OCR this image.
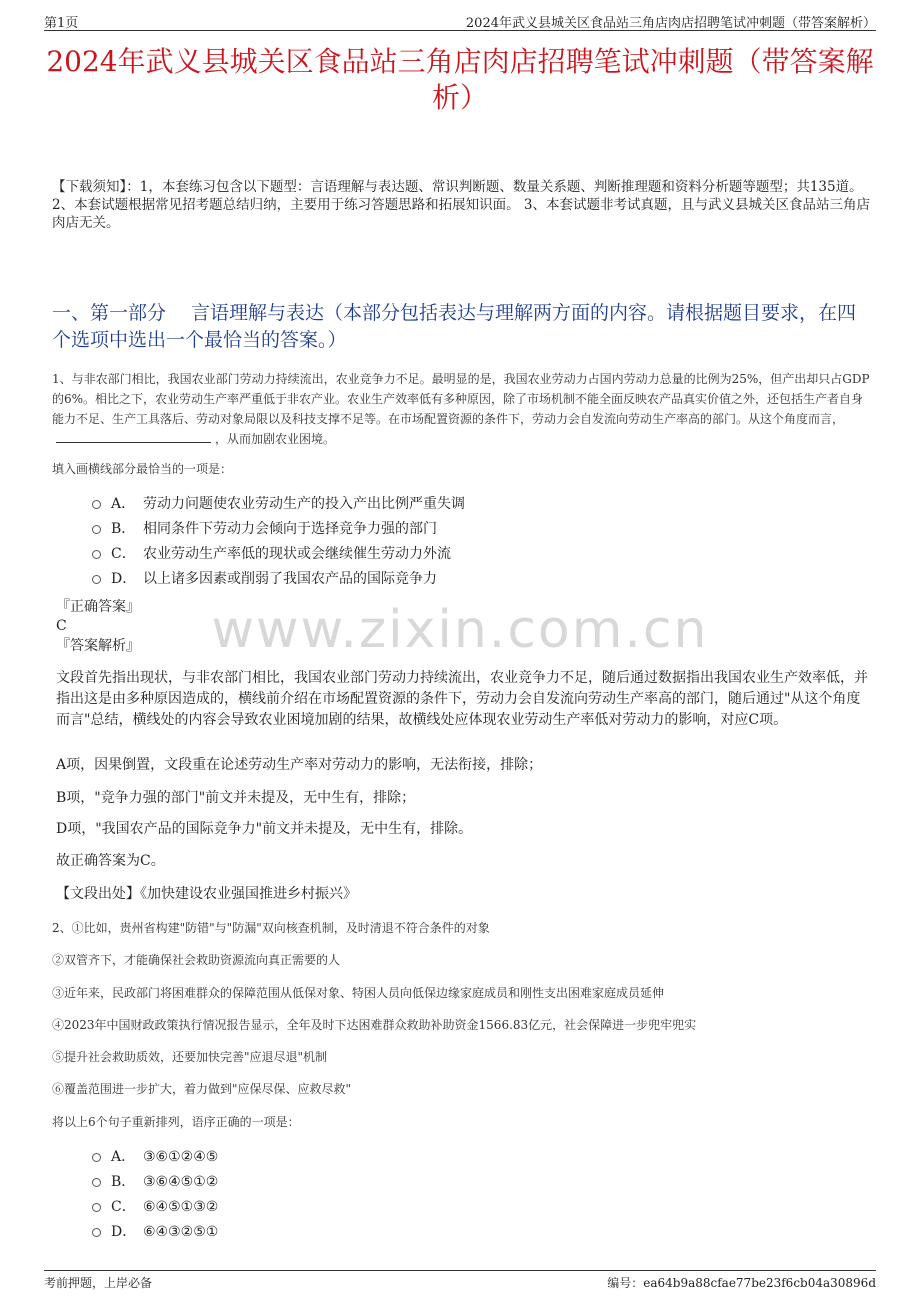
第1页	2024年武义县城关区食品站三角店肉店招聘笔试冲刺题（带答案解析）
2024年武义县城关区食品站三角店肉店招聘笔试冲刺题（带答案解析）
【下载须知】：1，本套练习包含以下题型：言语理解与表达题、常识判断题、数量关系题、判断推理题和资料分析题等题型；共135道。 2、本套试题根据常见招考题总结归纳，主要用于练习答题思路和拓展知识面。 3、本套试题非考试真题，且与武义县城关区食品站三角店肉店无关。
一、第一部分　 言语理解与表达（本部分包括表达与理解两方面的内容。请根据题目要求，在四个选项中选出一个最恰当的答案。）
1、与非农部门相比，我国农业部门劳动力持续流出，农业竞争力不足。最明显的是，我国农业劳动力占国内劳动力总量的比例为25%，但产出却只占GDP的6%。相比之下，农业劳动生产率严重低于非农产业。农业生产效率低有多种原因，除了市场机制不能全面反映农产品真实价值之外，还包括生产者自身能力不足、生产工具落后、劳动对象局限以及科技支撑不足等。在市场配置资源的条件下，劳动力会自发流向劳动生产率高的部门。从这个角度而言，，从而加剧农业困境。
填入画横线部分最恰当的一项是：
A． 劳动力问题使农业劳动生产的投入产出比例严重失调
B． 相同条件下劳动力会倾向于选择竞争力强的部门
C． 农业劳动生产率低的现状或会继续催生劳动力外流
D． 以上诸多因素或削弱了我国农产品的国际竞争力
『正确答案』
C
『答案解析』	www.zixin.com.cn
文段首先指出现状，与非农部门相比，我国农业部门劳动力持续流出，农业竞争力不足，随后通过数据指出我国农业生产效率低，并指出这是由多种原因造成的，横线前介绍在市场配置资源的条件下，劳动力会自发流向劳动生产率高的部门，随后通过"从这个角度而言"总结，横线处的内容会导致农业困境加剧的结果，故横线处应体现农业劳动生产率低对劳动力的影响，对应C项。
A项，因果倒置，文段重在论述劳动生产率对劳动力的影响，无法衔接，排除；
B项，"竞争力强的部门"前文并未提及，无中生有，排除；
D项，"我国农产品的国际竞争力"前文并未提及，无中生有，排除。
故正确答案为C。
【文段出处】《加快建设农业强国推进乡村振兴》
2、①比如，贵州省构建"防错"与"防漏"双向核查机制，及时清退不符合条件的对象
②双管齐下，才能确保社会救助资源流向真正需要的人
③近年来，民政部门将困难群众的保障范围从低保对象、特困人员向低保边缘家庭成员和刚性支出困难家庭成员延伸
④2023年中国财政政策执行情况报告显示，全年及时下达困难群众救助补助资金1566.83亿元，社会保障进一步兜牢兜实
⑤提升社会救助质效，还要加快完善"应退尽退"机制
⑥覆盖范围进一步扩大，着力做到"应保尽保、应救尽救"
将以上6个句子重新排列，语序正确的一项是：
A． ③⑥①②④⑤
B． ③⑥④⑤①②
C． ⑥④⑤①③②
D． ⑥④③②⑤①
考前押题，上岸必备	编号：ea64b9a88cfae77be23f6cb04a30896d
